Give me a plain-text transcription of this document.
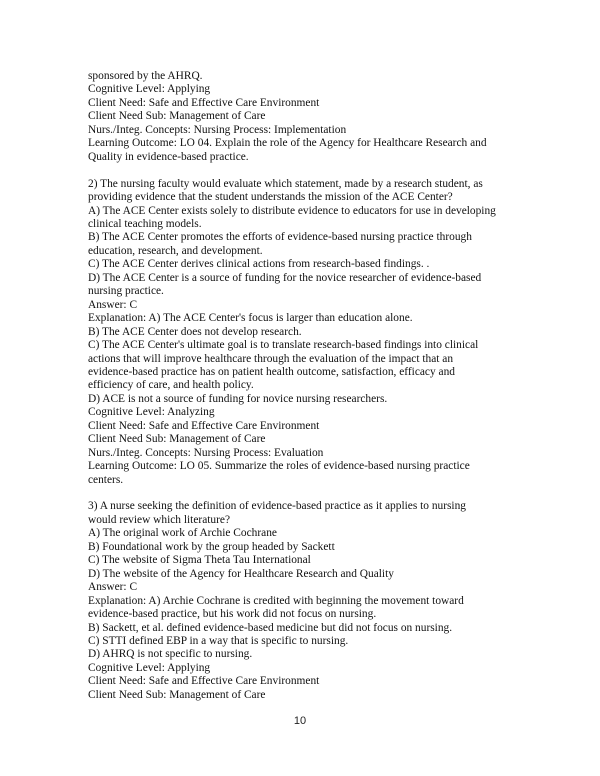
sponsored by the AHRQ.
Cognitive Level: Applying
Client Need: Safe and Effective Care Environment
Client Need Sub: Management of Care
Nurs./Integ. Concepts: Nursing Process: Implementation
Learning Outcome: LO 04. Explain the role of the Agency for Healthcare Research and
Quality in evidence-based practice.
2) The nursing faculty would evaluate which statement, made by a research student, as
providing evidence that the student understands the mission of the ACE Center?
A) The ACE Center exists solely to distribute evidence to educators for use in developing
clinical teaching models.
B) The ACE Center promotes the efforts of evidence-based nursing practice through
education, research, and development.
C) The ACE Center derives clinical actions from research-based findings. .
D) The ACE Center is a source of funding for the novice researcher of evidence-based
nursing practice.
Answer: C
Explanation: A) The ACE Center's focus is larger than education alone.
B) The ACE Center does not develop research.
C) The ACE Center's ultimate goal is to translate research-based findings into clinical
actions that will improve healthcare through the evaluation of the impact that an
evidence-based practice has on patient health outcome, satisfaction, efficacy and
efficiency of care, and health policy.
D) ACE is not a source of funding for novice nursing researchers.
Cognitive Level: Analyzing
Client Need: Safe and Effective Care Environment
Client Need Sub: Management of Care
Nurs./Integ. Concepts: Nursing Process: Evaluation
Learning Outcome: LO 05. Summarize the roles of evidence-based nursing practice
centers.
3) A nurse seeking the definition of evidence-based practice as it applies to nursing
would review which literature?
A) The original work of Archie Cochrane
B) Foundational work by the group headed by Sackett
C) The website of Sigma Theta Tau International
D) The website of the Agency for Healthcare Research and Quality
Answer: C
Explanation: A) Archie Cochrane is credited with beginning the movement toward
evidence-based practice, but his work did not focus on nursing.
B) Sackett, et al. defined evidence-based medicine but did not focus on nursing.
C) STTI defined EBP in a way that is specific to nursing.
D) AHRQ is not specific to nursing.
Cognitive Level: Applying
Client Need: Safe and Effective Care Environment
Client Need Sub: Management of Care
10
